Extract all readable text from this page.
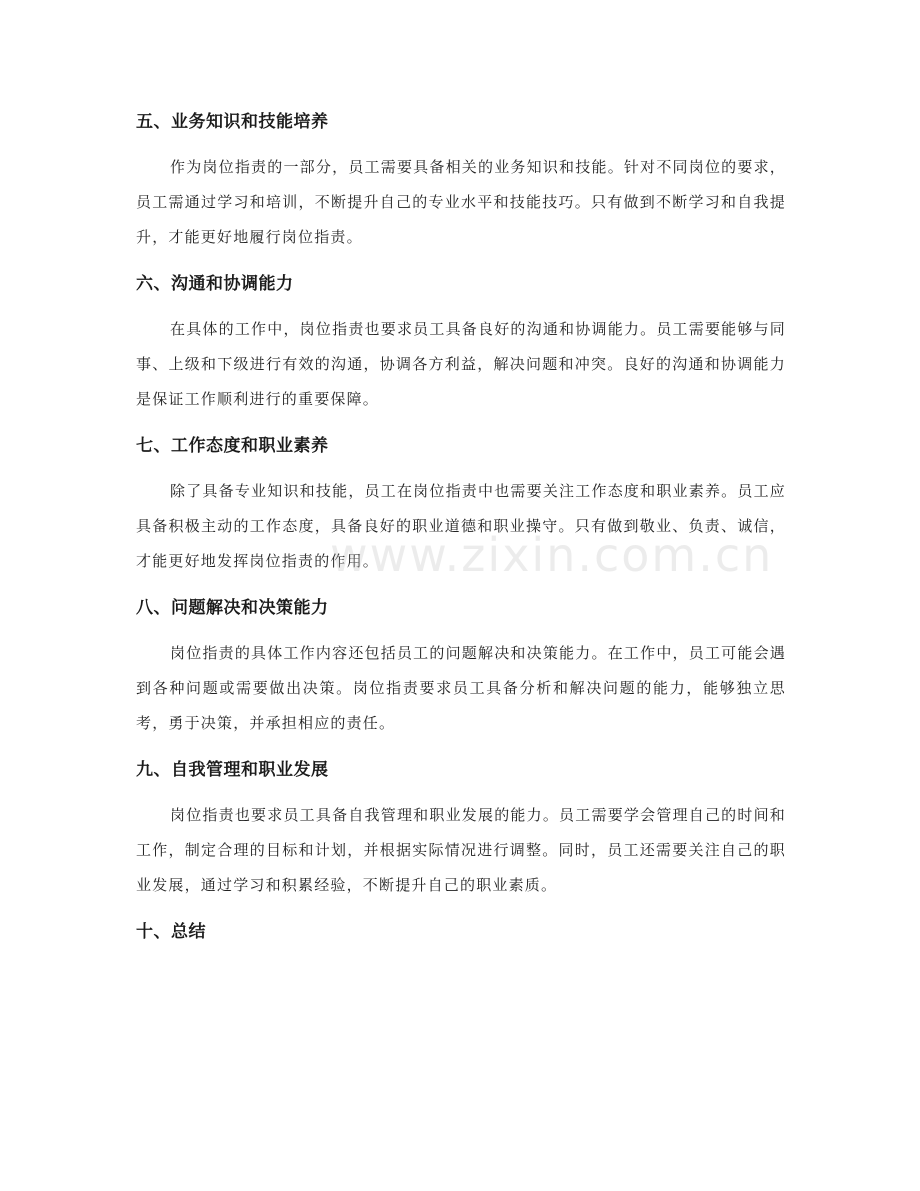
五、业务知识和技能培养

作为岗位指责的一部分，员工需要具备相关的业务知识和技能。针对不同岗位的要求，员工需通过学习和培训，不断提升自己的专业水平和技能技巧。只有做到不断学习和自我提升，才能更好地履行岗位指责。

六、沟通和协调能力

在具体的工作中，岗位指责也要求员工具备良好的沟通和协调能力。员工需要能够与同事、上级和下级进行有效的沟通，协调各方利益，解决问题和冲突。良好的沟通和协调能力是保证工作顺利进行的重要保障。

七、工作态度和职业素养

除了具备专业知识和技能，员工在岗位指责中也需要关注工作态度和职业素养。员工应具备积极主动的工作态度，具备良好的职业道德和职业操守。只有做到敬业、负责、诚信，才能更好地发挥岗位指责的作用。

八、问题解决和决策能力

岗位指责的具体工作内容还包括员工的问题解决和决策能力。在工作中，员工可能会遇到各种问题或需要做出决策。岗位指责要求员工具备分析和解决问题的能力，能够独立思考，勇于决策，并承担相应的责任。

九、自我管理和职业发展

岗位指责也要求员工具备自我管理和职业发展的能力。员工需要学会管理自己的时间和工作，制定合理的目标和计划，并根据实际情况进行调整。同时，员工还需要关注自己的职业发展，通过学习和积累经验，不断提升自己的职业素质。

十、总结
www.zixin.com.cn
